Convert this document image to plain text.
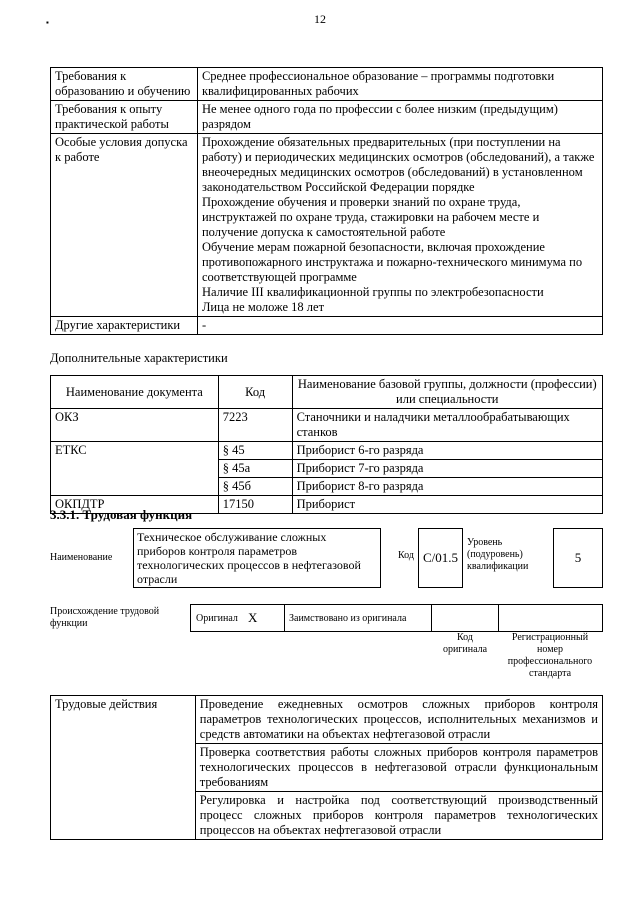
12
▪
Требования к образованию и обучению	Среднее профессиональное образование – программы подготовки квалифицированных рабочих

Требования к опыту практической работы	Не менее одного года по профессии с более низким (предыдущим) разрядом

Особые условия допуска к работе	Прохождение обязательных предварительных (при поступлении на работу) и периодических медицинских осмотров (обследований), а также внеочередных медицинских осмотров (обследований) в установленном законодательством Российской Федерации порядке
Прохождение обучения и проверки знаний по охране труда, инструктажей по охране труда, стажировки на рабочем месте и получение допуска к самостоятельной работе
Обучение мерам пожарной безопасности, включая прохождение противопожарного инструктажа и пожарно-технического минимума по соответствующей программе
Наличие III квалификационной группы по электробезопасности
Лица не моложе 18 лет

Другие характеристики	-
Дополнительные характеристики
Наименование документа	Код	Наименование базовой группы, должности (профессии) или специальности
ОКЗ	7223	Станочники и наладчики металлообрабатывающих станков
ЕТКС	§ 45	Приборист 6-го разряда
	§ 45а	Приборист 7-го разряда
	§ 45б	Приборист 8-го разряда
ОКПДТР	17150	Приборист
3.3.1. Трудовая функция
Наименование
Техническое обслуживание сложных приборов контроля параметров технологических процессов в нефтегазовой отрасли
Код C/01.5
Уровень (подуровень) квалификации
5
Происхождение трудовой функции	Оригинал X	Заимствовано из оригинала
Код оригинала
Регистрационный номер профессионального стандарта
Трудовые действия	Проведение ежедневных осмотров сложных приборов контроля параметров технологических процессов, исполнительных механизмов и средств автоматики на объектах нефтегазовой отрасли
Проверка соответствия работы сложных приборов контроля параметров технологических процессов в нефтегазовой отрасли функциональным требованиям
Регулировка и настройка под соответствующий производственный процесс сложных приборов контроля параметров технологических процессов на объектах нефтегазовой отрасли
